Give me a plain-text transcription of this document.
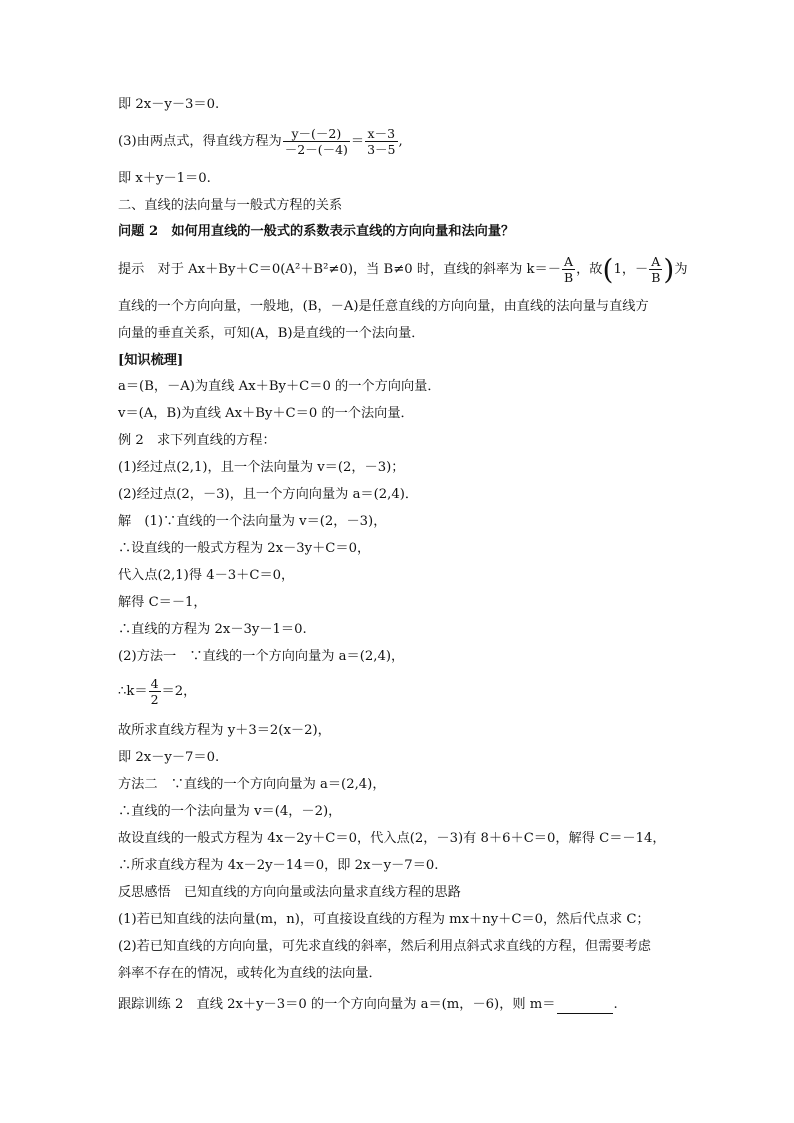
即 2x－y－3＝0.
(3)由两点式，得直线方程为 $\frac{y-(-2)}{-2-(-4)} = \frac{x-3}{3-5}$ ,
即 x＋y－1＝0.
二、直线的法向量与一般式方程的关系
问题 2　如何用直线的一般式的系数表示直线的方向向量和法向量？
提示　对于 Ax＋By＋C＝0(A²＋B²≠0)，当 B≠0 时，直线的斜率为 $k=- \frac{A}{B}$ ，故(1，－ $\frac{A}{B}$ )为
直线的一个方向向量，一般地，(B，－A)是任意直线的方向向量，由直线的法向量与直线方
向量的垂直关系，可知(A，B)是直线的一个法向量．
[知识梳理]
a＝(B，－A)为直线 Ax＋By＋C＝0 的一个方向向量．
v＝(A，B)为直线 Ax＋By＋C＝0 的一个法向量．
例 2　求下列直线的方程：
(1)经过点(2,1)，且一个法向量为 v＝(2，－3)；
(2)经过点(2，－3)，且一个方向向量为 a＝(2,4)．
解　(1)∵直线的一个法向量为 v＝(2，－3)，
∴设直线的一般式方程为 2x－3y＋C＝0，
代入点(2,1)得 4－3＋C＝0，
解得 C＝－1，
∴直线的方程为 2x－3y－1＝0.
(2)方法一　∵直线的一个方向向量为 a＝(2,4)，
∴k＝ $\frac{4}{2} =2$，
故所求直线方程为 y＋3＝2(x－2)，
即 2x－y－7＝0.
方法二　∵直线的一个方向向量为 a＝(2,4)，
∴直线的一个法向量为 v＝(4，－2)，
故设直线的一般式方程为 4x－2y＋C＝0，代入点(2，－3)有 8＋6＋C＝0，解得 C＝－14，
∴所求直线方程为 4x－2y－14＝0，即 2x－y－7＝0.
反思感悟　已知直线的方向向量或法向量求直线方程的思路
(1)若已知直线的法向量(m，n)，可直接设直线的方程为 mx＋ny＋C＝0，然后代点求 C；
(2)若已知直线的方向向量，可先求直线的斜率，然后利用点斜式求直线的方程，但需要考虑
斜率不存在的情况，或转化为直线的法向量．
跟踪训练 2　直线 2x＋y－3＝0 的一个方向向量为 a＝(m，－6)，则 m＝	.
